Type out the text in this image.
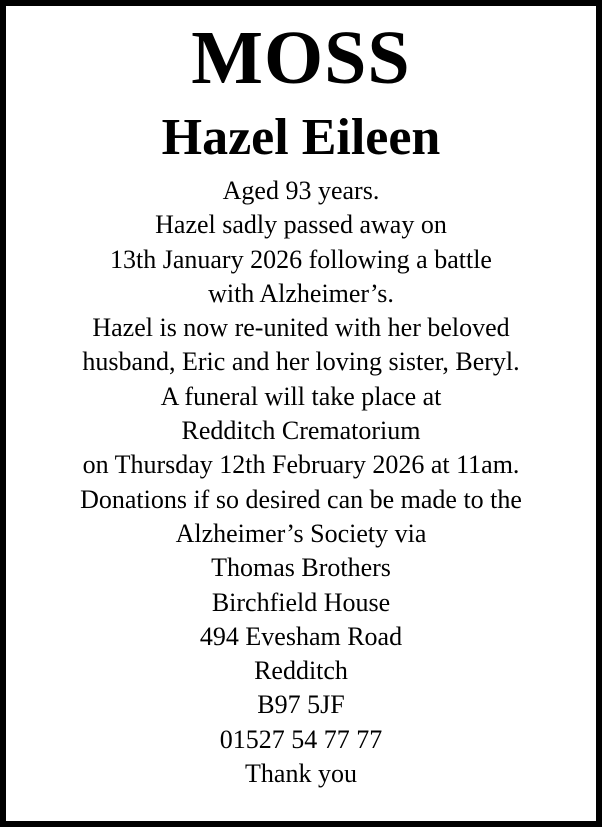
MOSS
Hazel Eileen
Aged 93 years.
Hazel sadly passed away on
13th January 2026 following a battle
with Alzheimer’s.
Hazel is now re-united with her beloved
husband, Eric and her loving sister, Beryl.
A funeral will take place at
Redditch Crematorium
on Thursday 12th February 2026 at 11am.
Donations if so desired can be made to the
Alzheimer’s Society via
Thomas Brothers
Birchfield House
494 Evesham Road
Redditch
B97 5JF
01527 54 77 77
Thank you
